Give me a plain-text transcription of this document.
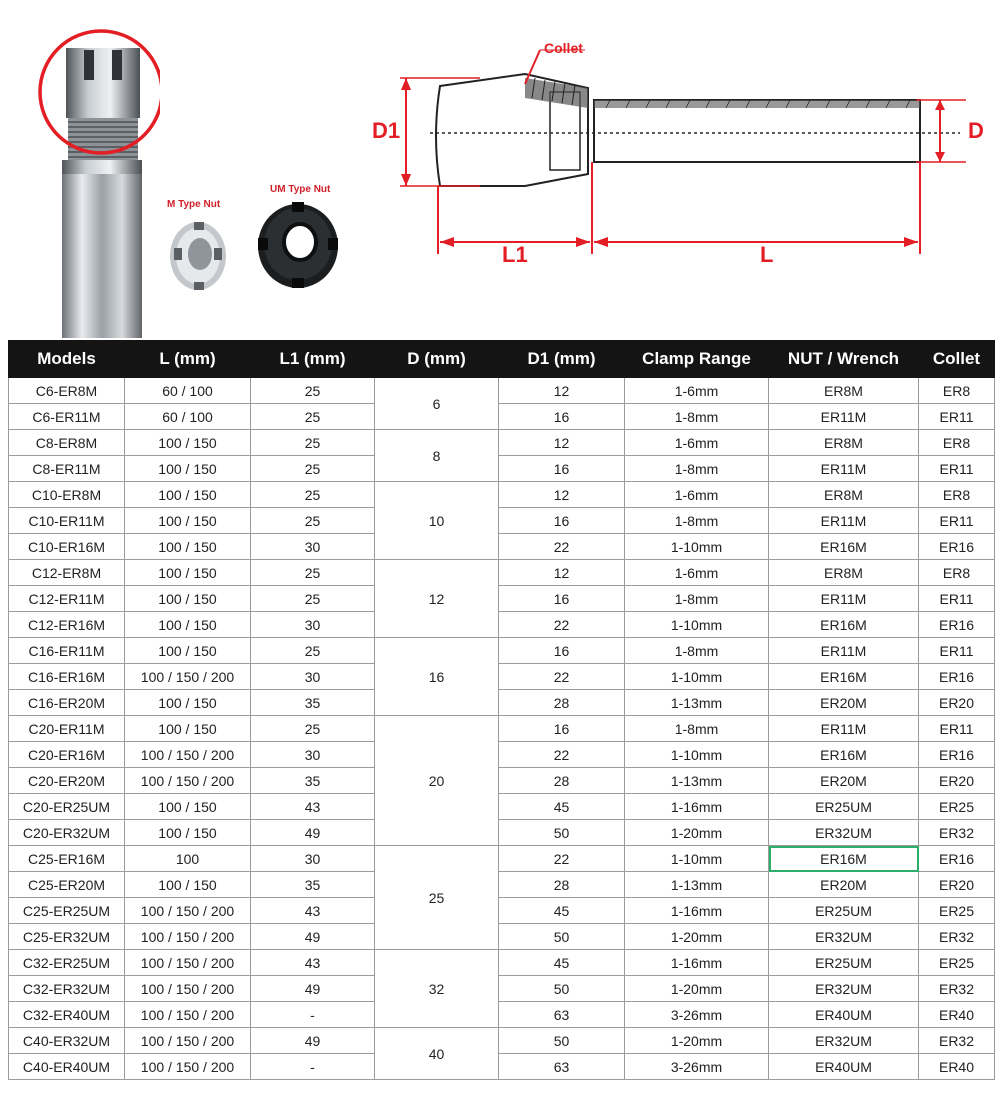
M Type Nut
UM Type Nut
Collet
D1	D
L1	L
Models	L (mm)	L1 (mm)	D (mm)	D1 (mm)	Clamp Range	NUT / Wrench	Collet
C6-ER8M	60 / 100	25	6	12	1-6mm	ER8M	ER8
C6-ER11M	60 / 100	25		16	1-8mm	ER11M	ER11
C8-ER8M	100 / 150	25	8	12	1-6mm	ER8M	ER8
C8-ER11M	100 / 150	25		16	1-8mm	ER11M	ER11
C10-ER8M	100 / 150	25	10	12	1-6mm	ER8M	ER8
C10-ER11M	100 / 150	25		16	1-8mm	ER11M	ER11
C10-ER16M	100 / 150	30		22	1-10mm	ER16M	ER16
C12-ER8M	100 / 150	25	12	12	1-6mm	ER8M	ER8
C12-ER11M	100 / 150	25		16	1-8mm	ER11M	ER11
C12-ER16M	100 / 150	30		22	1-10mm	ER16M	ER16
C16-ER11M	100 / 150	25	16	16	1-8mm	ER11M	ER11
C16-ER16M	100 / 150 / 200	30		22	1-10mm	ER16M	ER16
C16-ER20M	100 / 150	35		28	1-13mm	ER20M	ER20
C20-ER11M	100 / 150	25	20	16	1-8mm	ER11M	ER11
C20-ER16M	100 / 150 / 200	30		22	1-10mm	ER16M	ER16
C20-ER20M	100 / 150 / 200	35		28	1-13mm	ER20M	ER20
C20-ER25UM	100 / 150	43		45	1-16mm	ER25UM	ER25
C20-ER32UM	100 / 150	49		50	1-20mm	ER32UM	ER32
C25-ER16M	100	30	25	22	1-10mm	ER16M	ER16
C25-ER20M	100 / 150	35		28	1-13mm	ER20M	ER20
C25-ER25UM	100 / 150 / 200	43		45	1-16mm	ER25UM	ER25
C25-ER32UM	100 / 150 / 200	49		50	1-20mm	ER32UM	ER32
C32-ER25UM	100 / 150 / 200	43	32	45	1-16mm	ER25UM	ER25
C32-ER32UM	100 / 150 / 200	49		50	1-20mm	ER32UM	ER32
C32-ER40UM	100 / 150 / 200	-		63	3-26mm	ER40UM	ER40
C40-ER32UM	100 / 150 / 200	49	40	50	1-20mm	ER32UM	ER32
C40-ER40UM	100 / 150 / 200	-		63	3-26mm	ER40UM	ER40
